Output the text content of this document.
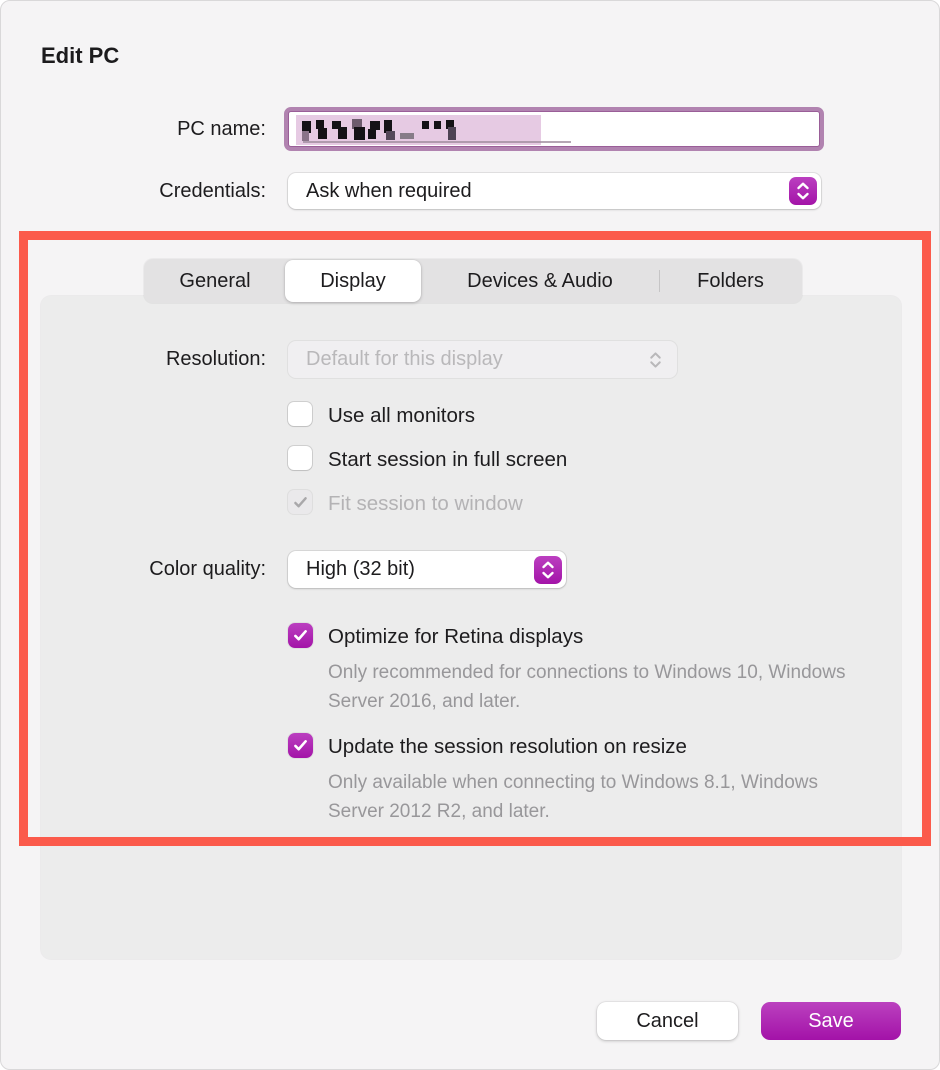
Edit PC
PC name:
Credentials:	Ask when required
General	Display	Devices & Audio	Folders
Resolution:	Default for this display
Use all monitors
Start session in full screen
Fit session to window
Color quality:	High (32 bit)
Optimize for Retina displays
Only recommended for connections to Windows 10, Windows Server 2016, and later.
Update the session resolution on resize
Only available when connecting to Windows 8.1, Windows Server 2012 R2, and later.
Cancel	Save
